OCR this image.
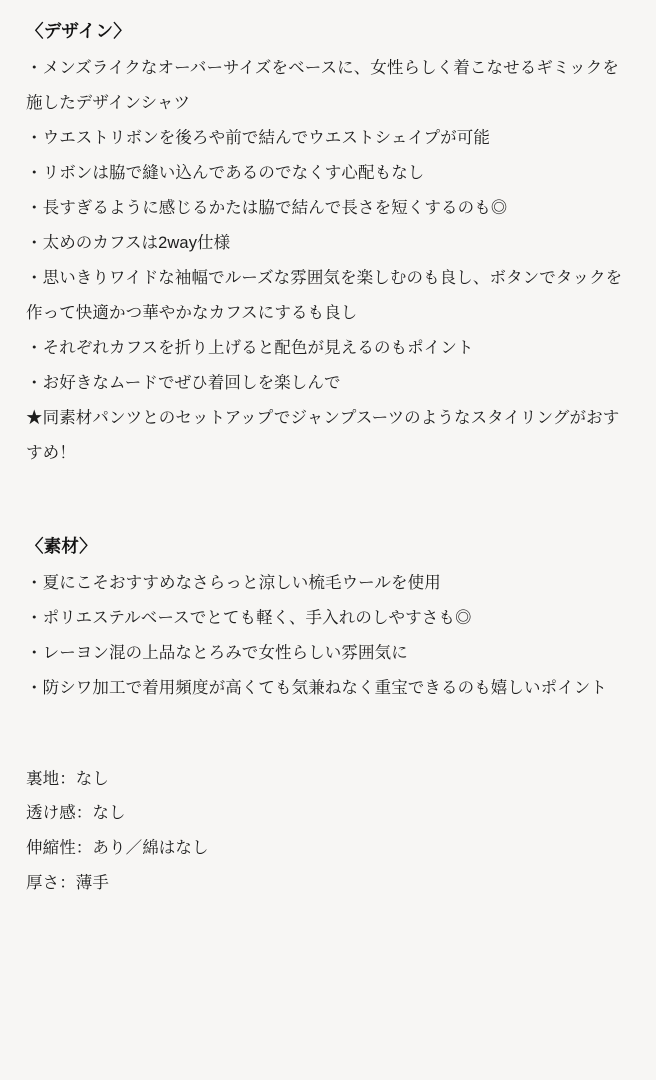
〈デザイン〉

・メンズライクなオーバーサイズをベースに、女性らしく着こなせるギミックを施したデザインシャツ

・ウエストリボンを後ろや前で結んでウエストシェイプが可能

・リボンは脇で縫い込んであるのでなくす心配もなし

・長すぎるように感じるかたは脇で結んで長さを短くするのも◎

・太めのカフスは2way仕様

・思いきりワイドな袖幅でルーズな雰囲気を楽しむのも良し、ボタンでタックを作って快適かつ華やかなカフスにするも良し

・それぞれカフスを折り上げると配色が見えるのもポイント

・お好きなムードでぜひ着回しを楽しんで

★同素材パンツとのセットアップでジャンプスーツのようなスタイリングがおすすめ！

〈素材〉

・夏にこそおすすめなさらっと涼しい梳毛ウールを使用

・ポリエステルベースでとても軽く、手入れのしやすさも◎

・レーヨン混の上品なとろみで女性らしい雰囲気に

・防シワ加工で着用頻度が高くても気兼ねなく重宝できるのも嬉しいポイント

裏地：なし

透け感：なし

伸縮性：あり／綿はなし

厚さ：薄手
